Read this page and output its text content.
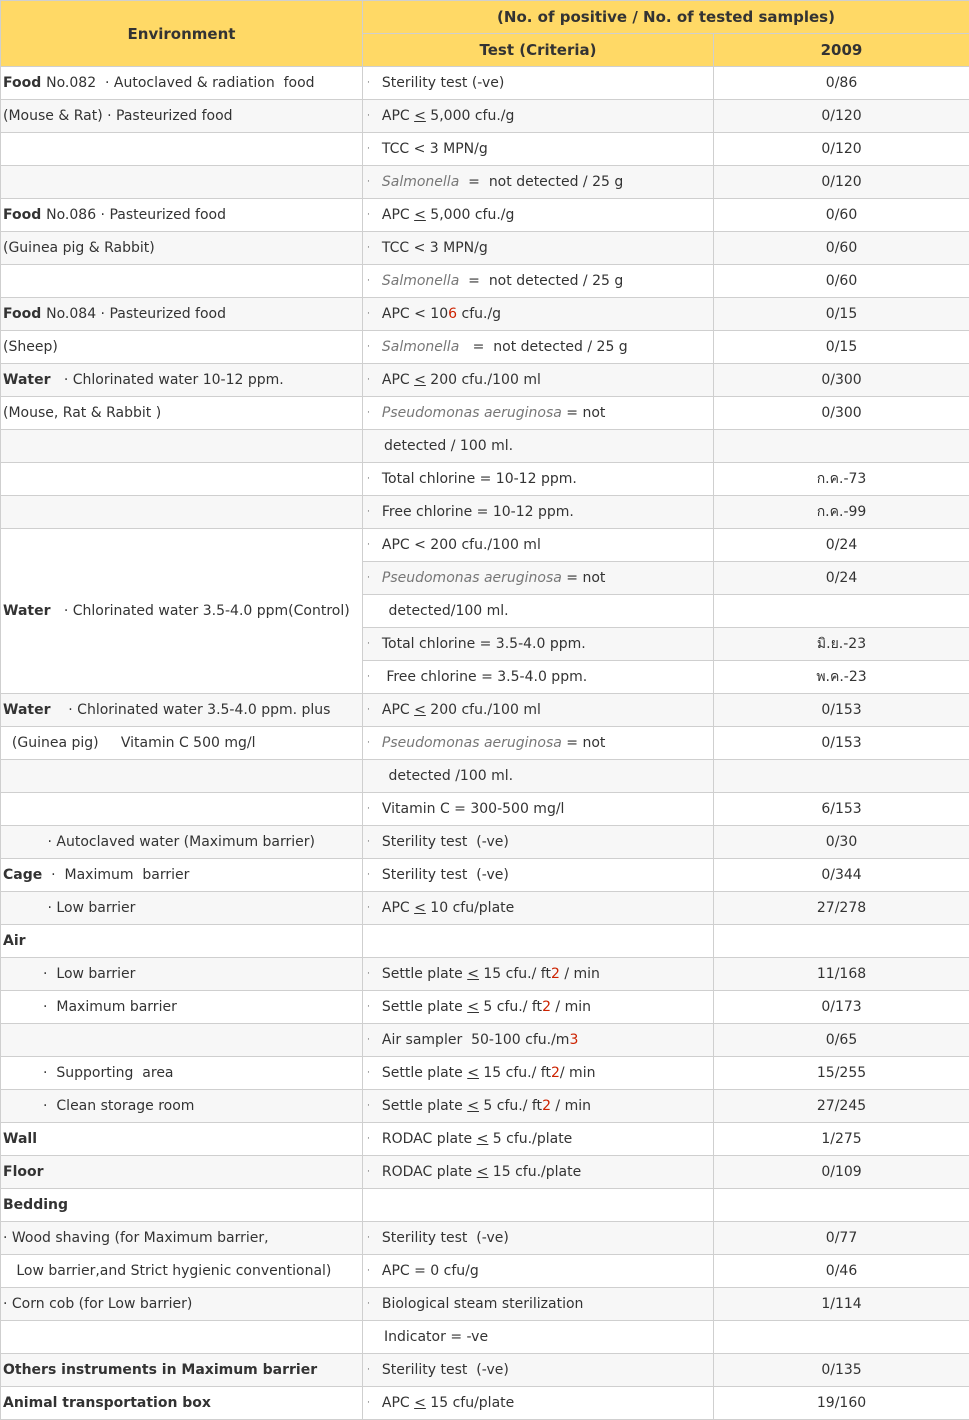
Environment	(No. of positive / No. of tested samples)	
	Test (Criteria)	2009
Food No.082  · Autoclaved & radiation  food	· Sterility test (-ve)	0/86
(Mouse & Rat) · Pasteurized food	· APC < 5,000 cfu./g	0/120
	· TCC < 3 MPN/g	0/120
	· Salmonella  =  not detected / 25 g	0/120
Food No.086 · Pasteurized food	· APC < 5,000 cfu./g	0/60
(Guinea pig & Rabbit)	· TCC < 3 MPN/g	0/60
	· Salmonella  =  not detected / 25 g	0/60
Food No.084 · Pasteurized food	· APC < 106 cfu./g	0/15
(Sheep)	· Salmonella   =  not detected / 25 g	0/15
Water   · Chlorinated water 10-12 ppm.	· APC < 200 cfu./100 ml	0/300
(Mouse, Rat & Rabbit )	· Pseudomonas aeruginosa = not	0/300
	detected / 100 ml.	
	· Total chlorine = 10-12 ppm.	ก.ค.-73
	· Free chlorine = 10-12 ppm.	ก.ค.-99
Water   · Chlorinated water 3.5-4.0 ppm(Control)	· APC < 200 cfu./100 ml	0/24
	· Pseudomonas aeruginosa = not	0/24
	detected/100 ml.	
	· Total chlorine = 3.5-4.0 ppm.	มิ.ย.-23
	· Free chlorine = 3.5-4.0 ppm.	พ.ค.-23
Water    · Chlorinated water 3.5-4.0 ppm. plus	· APC < 200 cfu./100 ml	0/153
(Guinea pig)     Vitamin C 500 mg/l	· Pseudomonas aeruginosa = not	0/153
	detected /100 ml.	
	· Vitamin C = 300-500 mg/l	6/153
· Autoclaved water (Maximum barrier)	· Sterility test  (-ve)	0/30
Cage  ·  Maximum  barrier	· Sterility test  (-ve)	0/344
· Low barrier	· APC < 10 cfu/plate	27/278
Air		
·  Low barrier	· Settle plate < 15 cfu./ ft2 / min	11/168
·  Maximum barrier	· Settle plate < 5 cfu./ ft2 / min	0/173
	· Air sampler  50-100 cfu./m3	0/65
·  Supporting  area	· Settle plate < 15 cfu./ ft2/ min	15/255
·  Clean storage room	· Settle plate < 5 cfu./ ft2 / min	27/245
Wall	· RODAC plate < 5 cfu./plate	1/275
Floor	· RODAC plate < 15 cfu./plate	0/109
Bedding		
· Wood shaving (for Maximum barrier,	· Sterility test  (-ve)	0/77
Low barrier,and Strict hygienic conventional)	· APC = 0 cfu/g	0/46
· Corn cob (for Low barrier)	· Biological steam sterilization	1/114
	Indicator = -ve	
Others instruments in Maximum barrier	· Sterility test  (-ve)	0/135
Animal transportation box	· APC < 15 cfu/plate	19/160
